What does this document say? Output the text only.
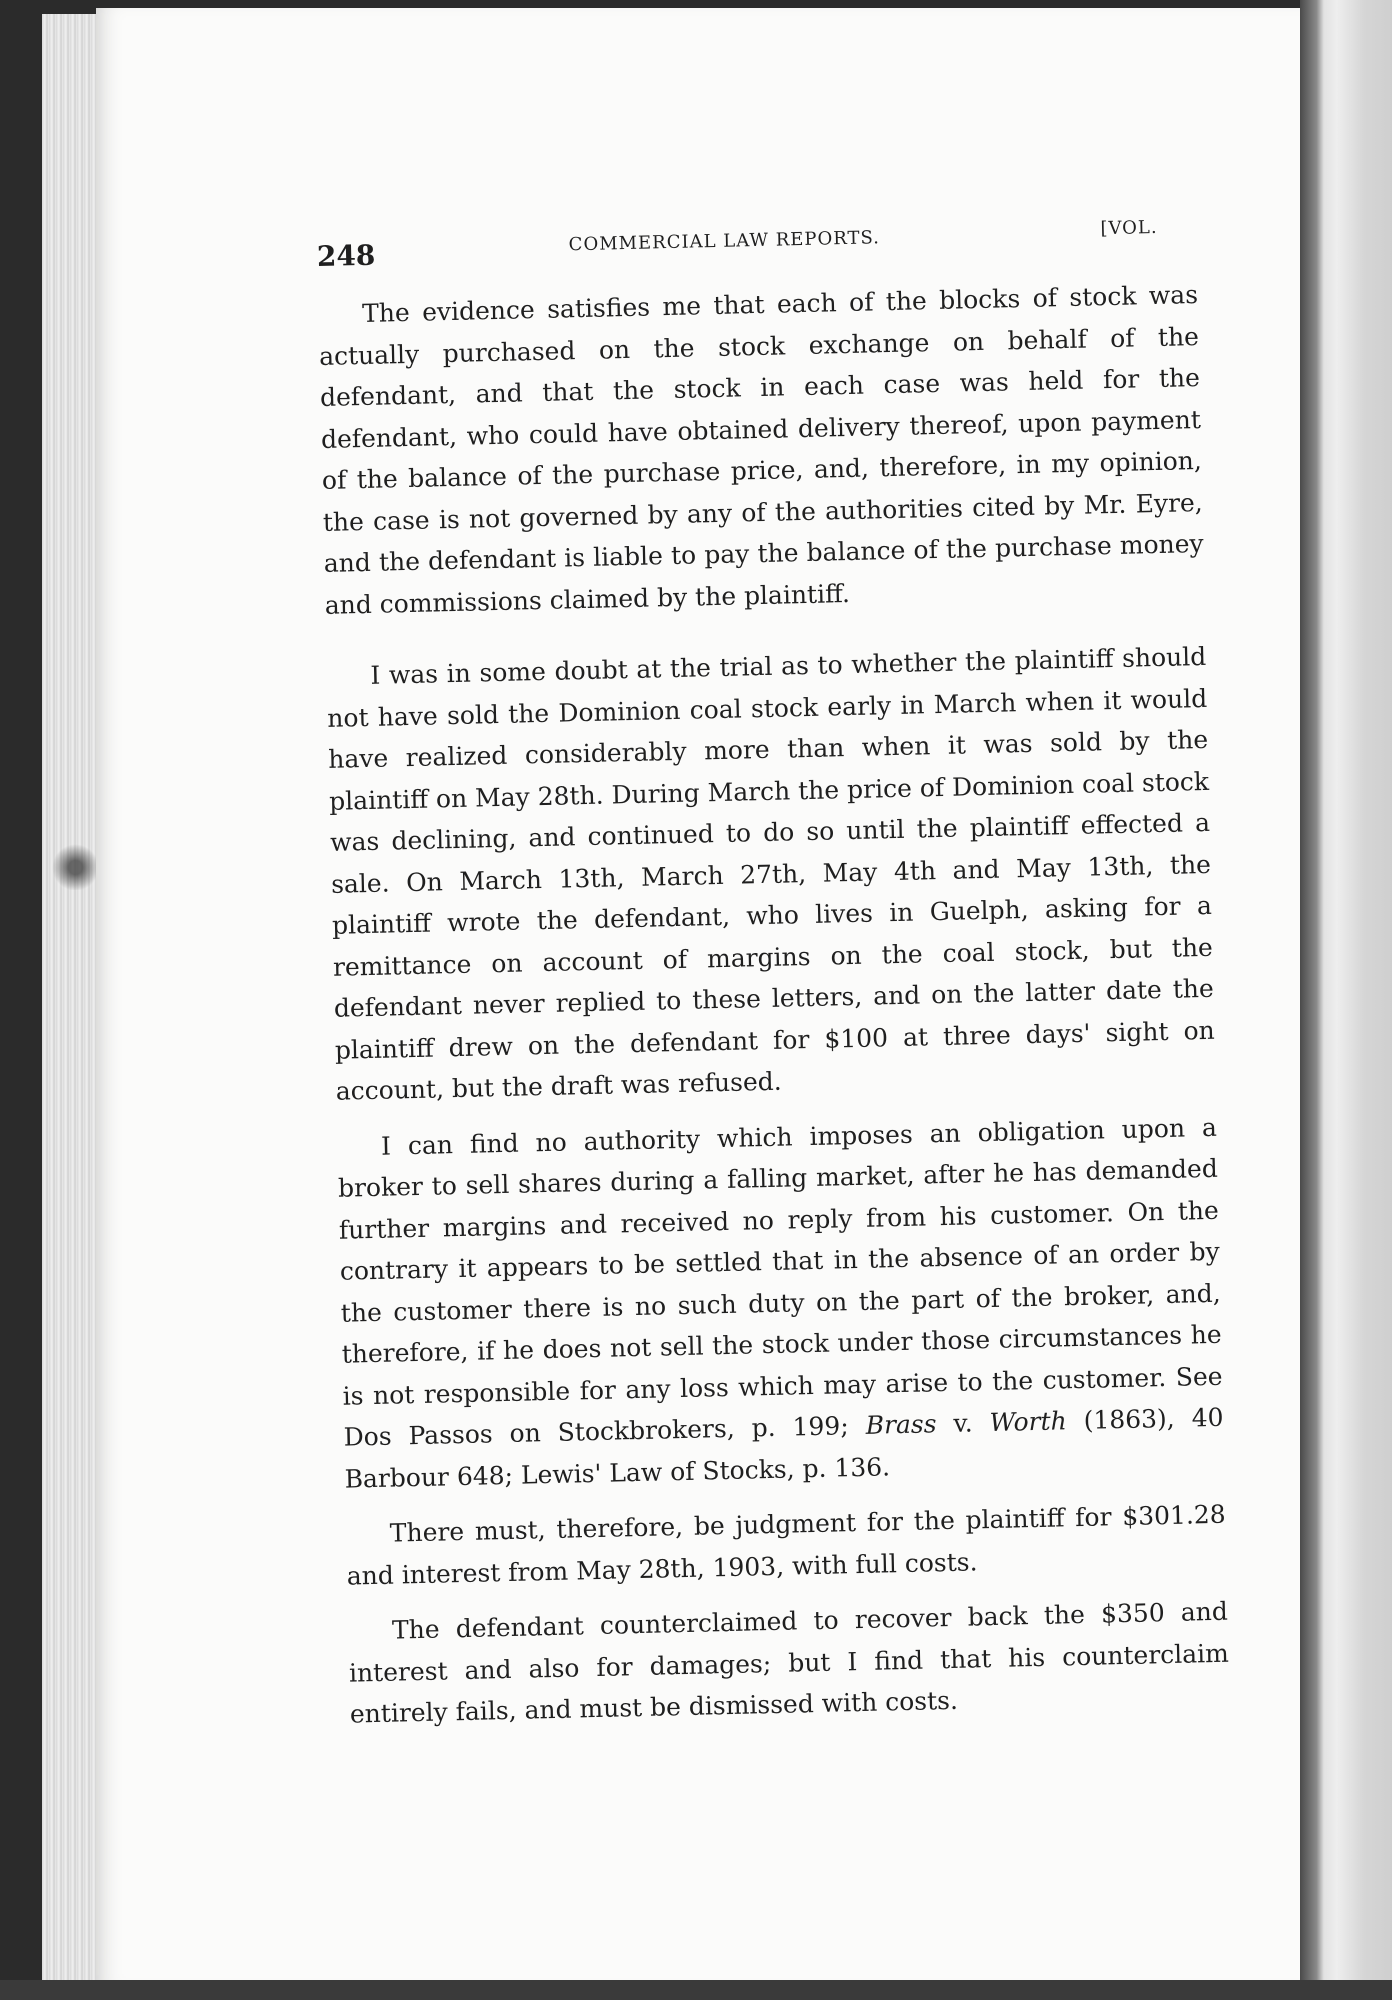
248	COMMERCIAL LAW REPORTS.	[VOL.

The evidence satisfies me that each of the blocks of stock was actually purchased on the stock exchange on behalf of the defendant, and that the stock in each case was held for the defendant, who could have obtained delivery thereof, upon payment of the balance of the purchase price, and, therefore, in my opinion, the case is not governed by any of the authorities cited by Mr. Eyre, and the defendant is liable to pay the balance of the purchase money and commissions claimed by the plaintiff.

I was in some doubt at the trial as to whether the plaintiff should not have sold the Dominion coal stock early in March when it would have realized considerably more than when it was sold by the plaintiff on May 28th. During March the price of Dominion coal stock was declining, and continued to do so until the plaintiff effected a sale. On March 13th, March 27th, May 4th and May 13th, the plaintiff wrote the defendant, who lives in Guelph, asking for a remittance on account of margins on the coal stock, but the defendant never replied to these letters, and on the latter date the plaintiff drew on the defendant for $100 at three days' sight on account, but the draft was refused.

I can find no authority which imposes an obligation upon a broker to sell shares during a falling market, after he has demanded further margins and received no reply from his customer. On the contrary it appears to be settled that in the absence of an order by the customer there is no such duty on the part of the broker, and, therefore, if he does not sell the stock under those circumstances he is not responsible for any loss which may arise to the customer. See Dos Passos on Stockbrokers, p. 199; Brass v. Worth (1863), 40 Barbour 648; Lewis' Law of Stocks, p. 136.

There must, therefore, be judgment for the plaintiff for $301.28 and interest from May 28th, 1903, with full costs.

The defendant counterclaimed to recover back the $350 and interest and also for damages; but I find that his counterclaim entirely fails, and must be dismissed with costs.
